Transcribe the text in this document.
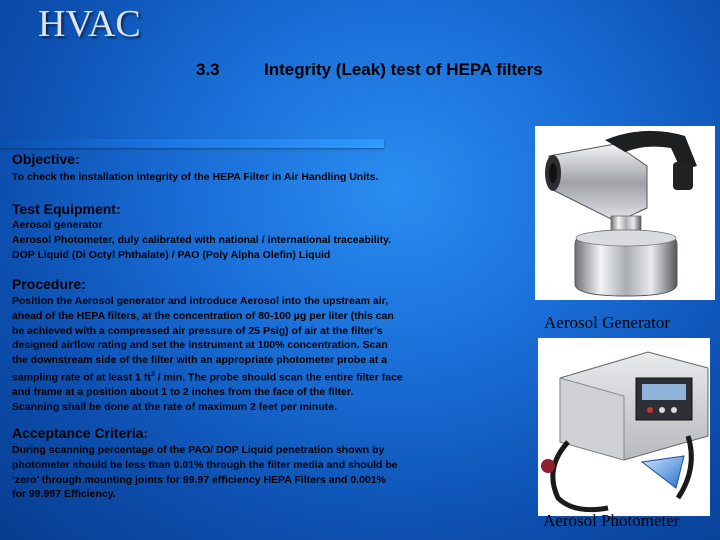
HVAC
3.3	Integrity (Leak) test of HEPA filters
Objective:
To check the installation integrity of the HEPA Filter in Air Handling Units.
Test Equipment:
Aerosol generator
Aerosol Photometer, duly calibrated with national / international traceability.
DOP Liquid (Di Octyl Phthalate) / PAO (Poly Alpha Olefin) Liquid
Procedure:
Position the Aerosol generator and introduce Aerosol into the upstream air,
ahead of the HEPA filters, at the concentration of 80-100 µg per liter (this can
be achieved with a compressed air pressure of 25 Psig) of air at the filter’s
designed airflow rating and set the instrument at 100% concentration. Scan
the downstream side of the filter with an appropriate photometer probe at a
sampling rate of at least 1 $ft^3$ / min. The probe should scan the entire filter face
and frame at a position about 1 to 2 inches from the face of the filter.
Scanning shall be done at the rate of maximum 2 feet per minute.
Acceptance Criteria:
During scanning percentage of the PAO/ DOP Liquid penetration shown by
photometer should be less than 0.01% through the filter media and should be
‘zero’ through mounting joints for 99.97 efficiency HEPA Filters and 0.001%
for 99.997 Efficiency.
Aerosol Generator
Aerosol Photometer
